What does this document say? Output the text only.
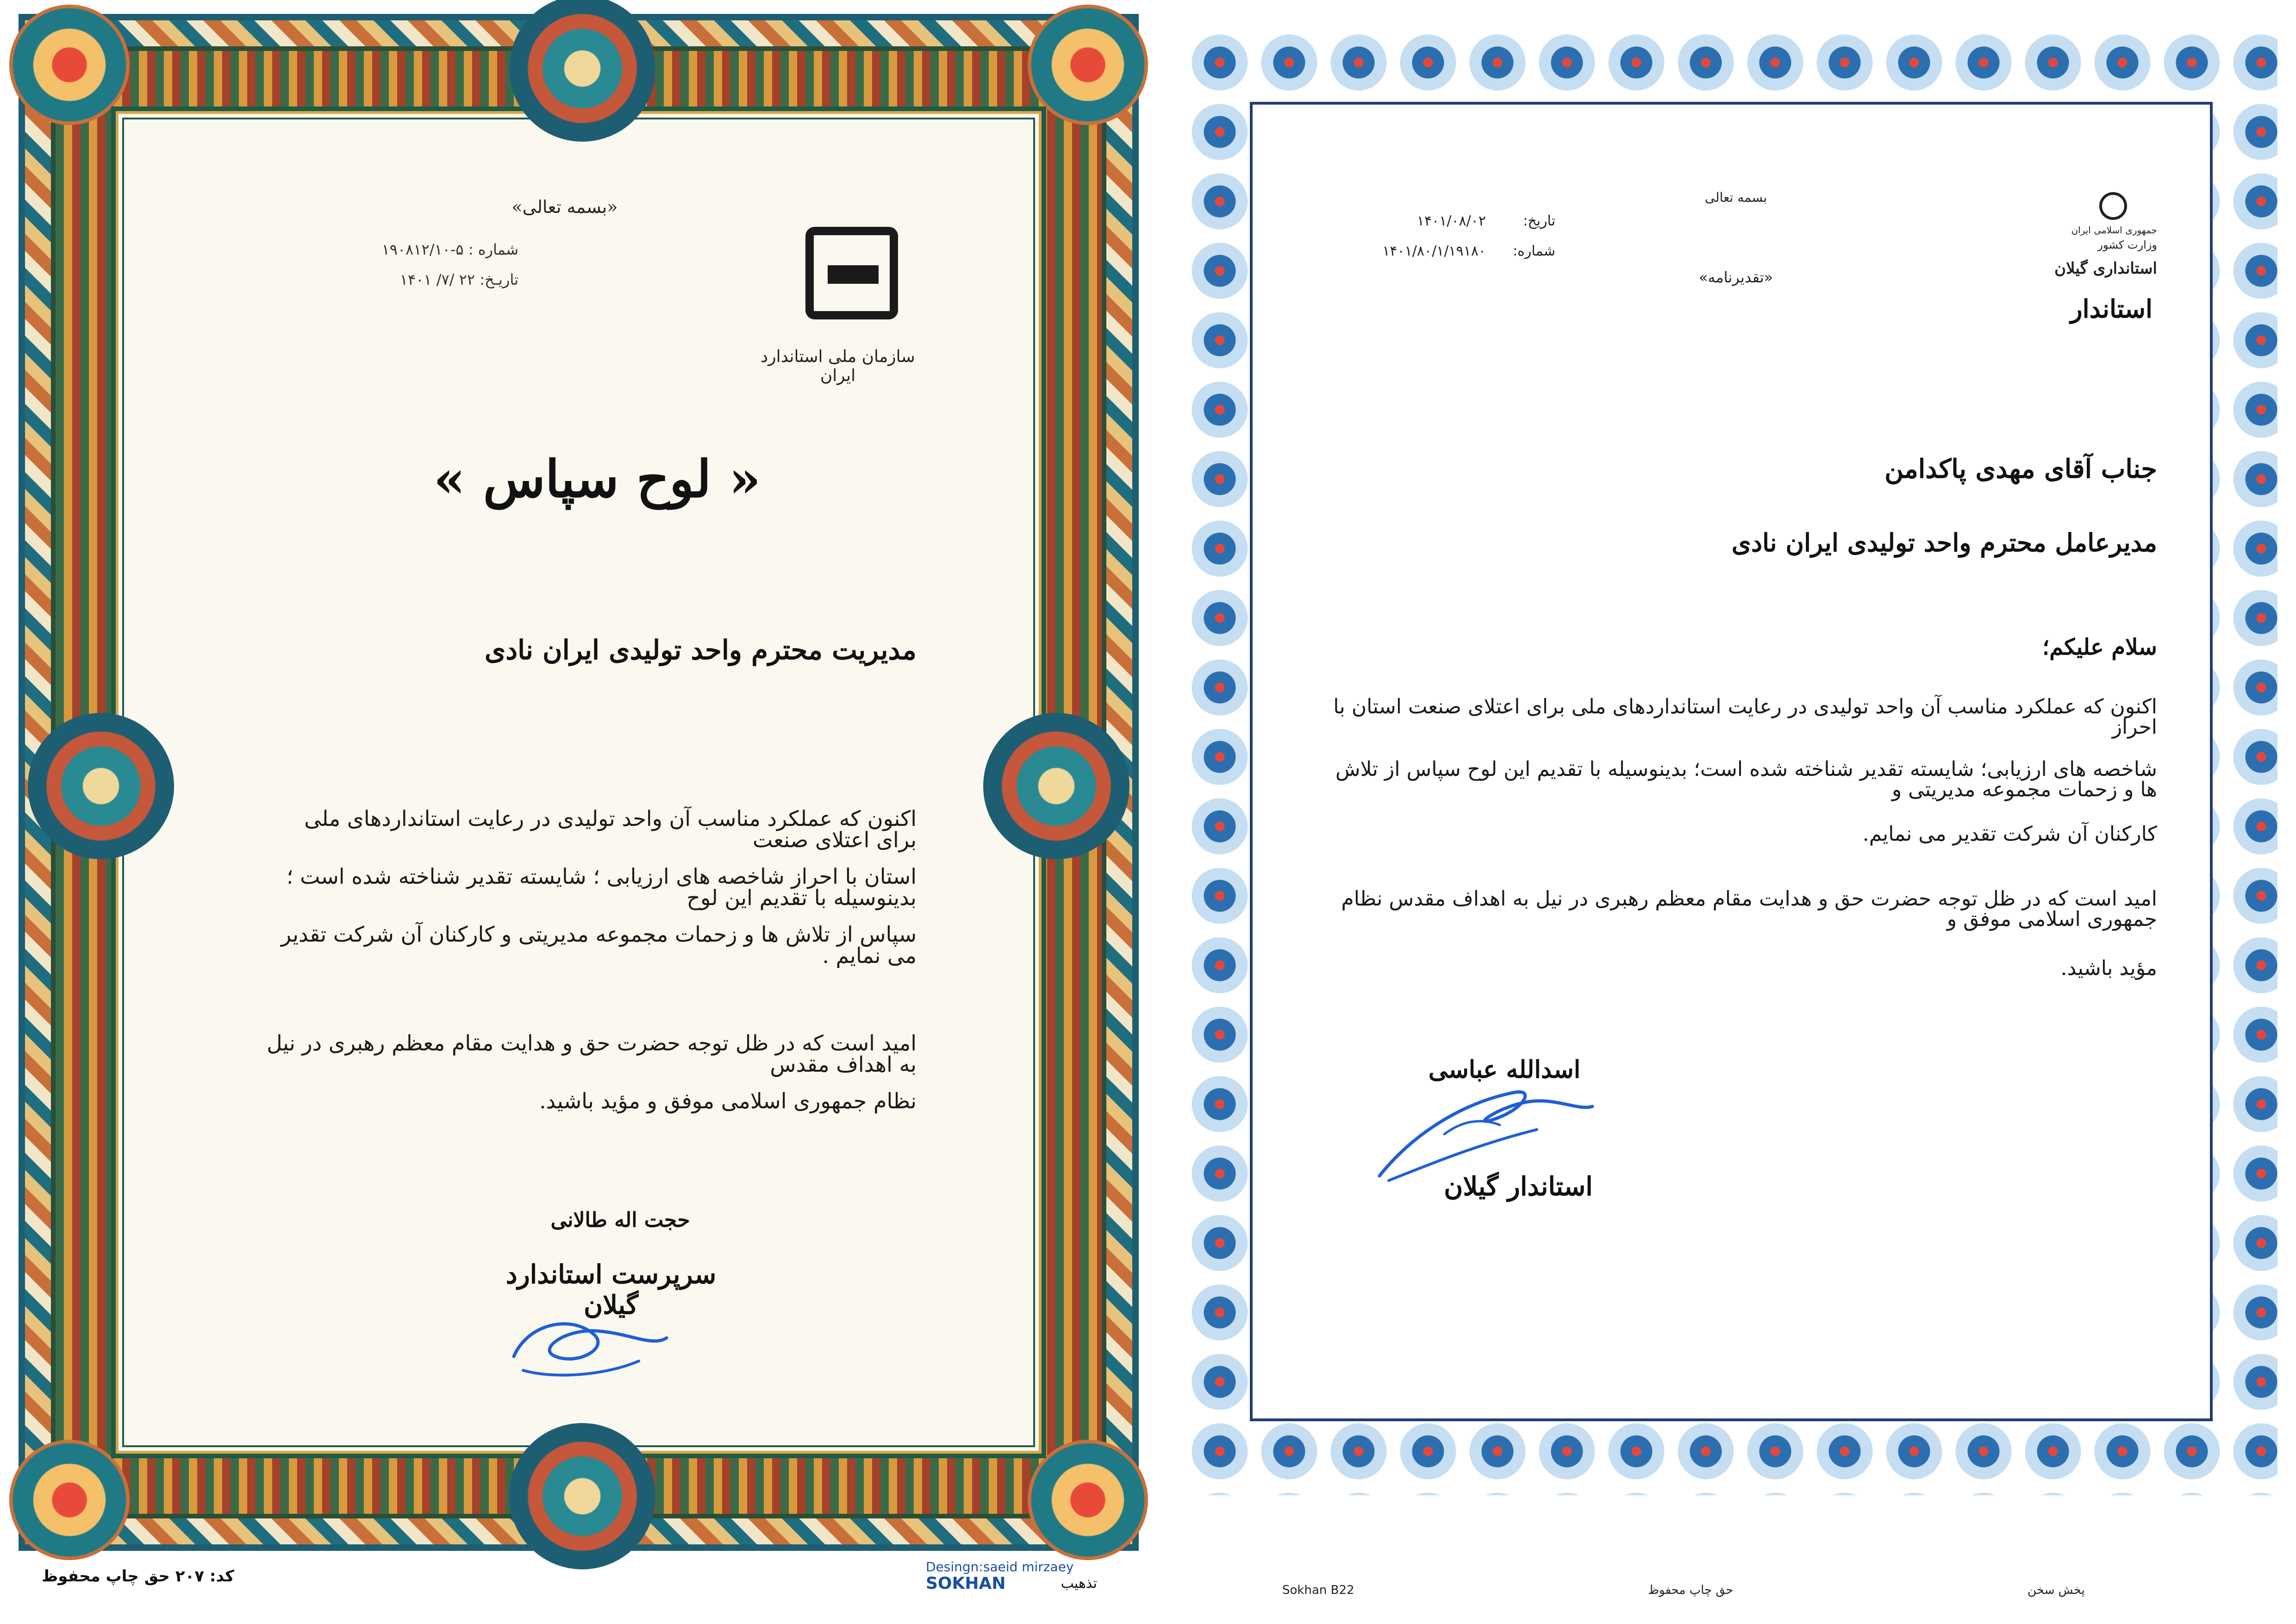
«بسمه تعالی»
شماره : ۵-۱۹۰۸۱۲/۱۰
تاریـخ: ۲۲ /۷/ ۱۴۰۱
سازمان ملی استاندارد ایران
« لوح سپاس »
مدیریت محترم واحد تولیدی ایران نادی
اکنون که عملکرد مناسب آن واحد تولیدی در رعایت استانداردهای ملی برای اعتلای صنعت
استان با احراز شاخصه های ارزیابی ؛ شایسته تقدیر شناخته شده است ؛ بدینوسیله با تقدیم این لوح
سپاس از تلاش ها و زحمات مجموعه مدیریتی و کارکنان آن شرکت تقدیر می نمایم .
امید است که در ظل توجه حضرت حق و هدایت مقام معظم رهبری در نیل به اهداف مقدس
نظام جمهوری اسلامی موفق و مؤید باشید.
حجت اله طالانی
سرپرست استاندارد گیلان
کد: ۲۰۷ حق چاپ محفوظ
Desingn:saeid mirzaey
SOKHAN	تذهیب
جمهوری اسلامی ایران
وزارت کشور
استانداری گیلان
استاندار
بسمه تعالی
«تقدیرنامه»
تاریخ:
۱۴۰۱/۰۸/۰۲
شماره:
۱۴۰۱/۸۰/۱/۱۹۱۸۰
جناب آقای مهدی پاکدامن
مدیرعامل محترم واحد تولیدی ایران نادی
سلام علیکم؛
اکنون که عملکرد مناسب آن واحد تولیدی در رعایت استانداردهای ملی برای اعتلای صنعت استان با احراز
شاخصه های ارزیابی؛ شایسته تقدیر شناخته شده است؛ بدینوسیله با تقدیم این لوح سپاس از تلاش ها و زحمات مجموعه مدیریتی و
کارکنان آن شرکت تقدیر می نمایم.
امید است که در ظل توجه حضرت حق و هدایت مقام معظم رهبری در نیل به اهداف مقدس نظام جمهوری اسلامی موفق و
مؤید باشید.
اسدالله عباسی
استاندار گیلان
Sokhan B22	حق چاپ محفوظ	پخش سخن
